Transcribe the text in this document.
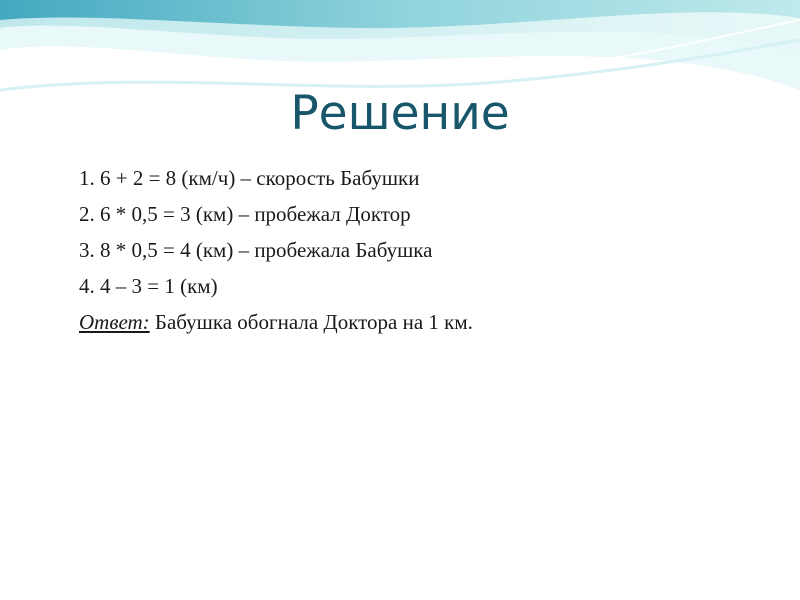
Решение
1. 6 + 2 = 8 (км/ч) – скорость Бабушки
2. 6 * 0,5 = 3 (км) – пробежал Доктор
3. 8 * 0,5 = 4 (км) – пробежала Бабушка
4. 4 – 3 = 1 (км)
Ответ: Бабушка обогнала Доктора на 1 км.
